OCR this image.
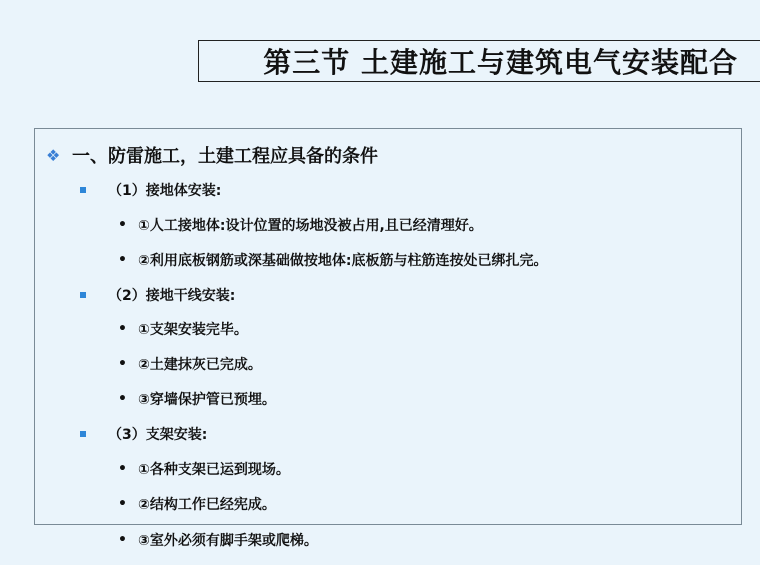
第三节 土建施工与建筑电气安装配合
❖ 一、防雷施工，土建工程应具备的条件
（1）接地体安装:
• ①人工接地体:设计位置的场地没被占用,且已经清理好。
• ②利用底板钢筋或深基础做按地体:底板筋与柱筋连按处已绑扎完。
（2）接地干线安装:
• ①支架安装完毕。
• ②土建抹灰已完成。
• ③穿墙保护管已预埋。
（3）支架安装:
• ①各种支架已运到现场。
• ②结构工作巳经宪成。
• ③室外必须有脚手架或爬梯。
